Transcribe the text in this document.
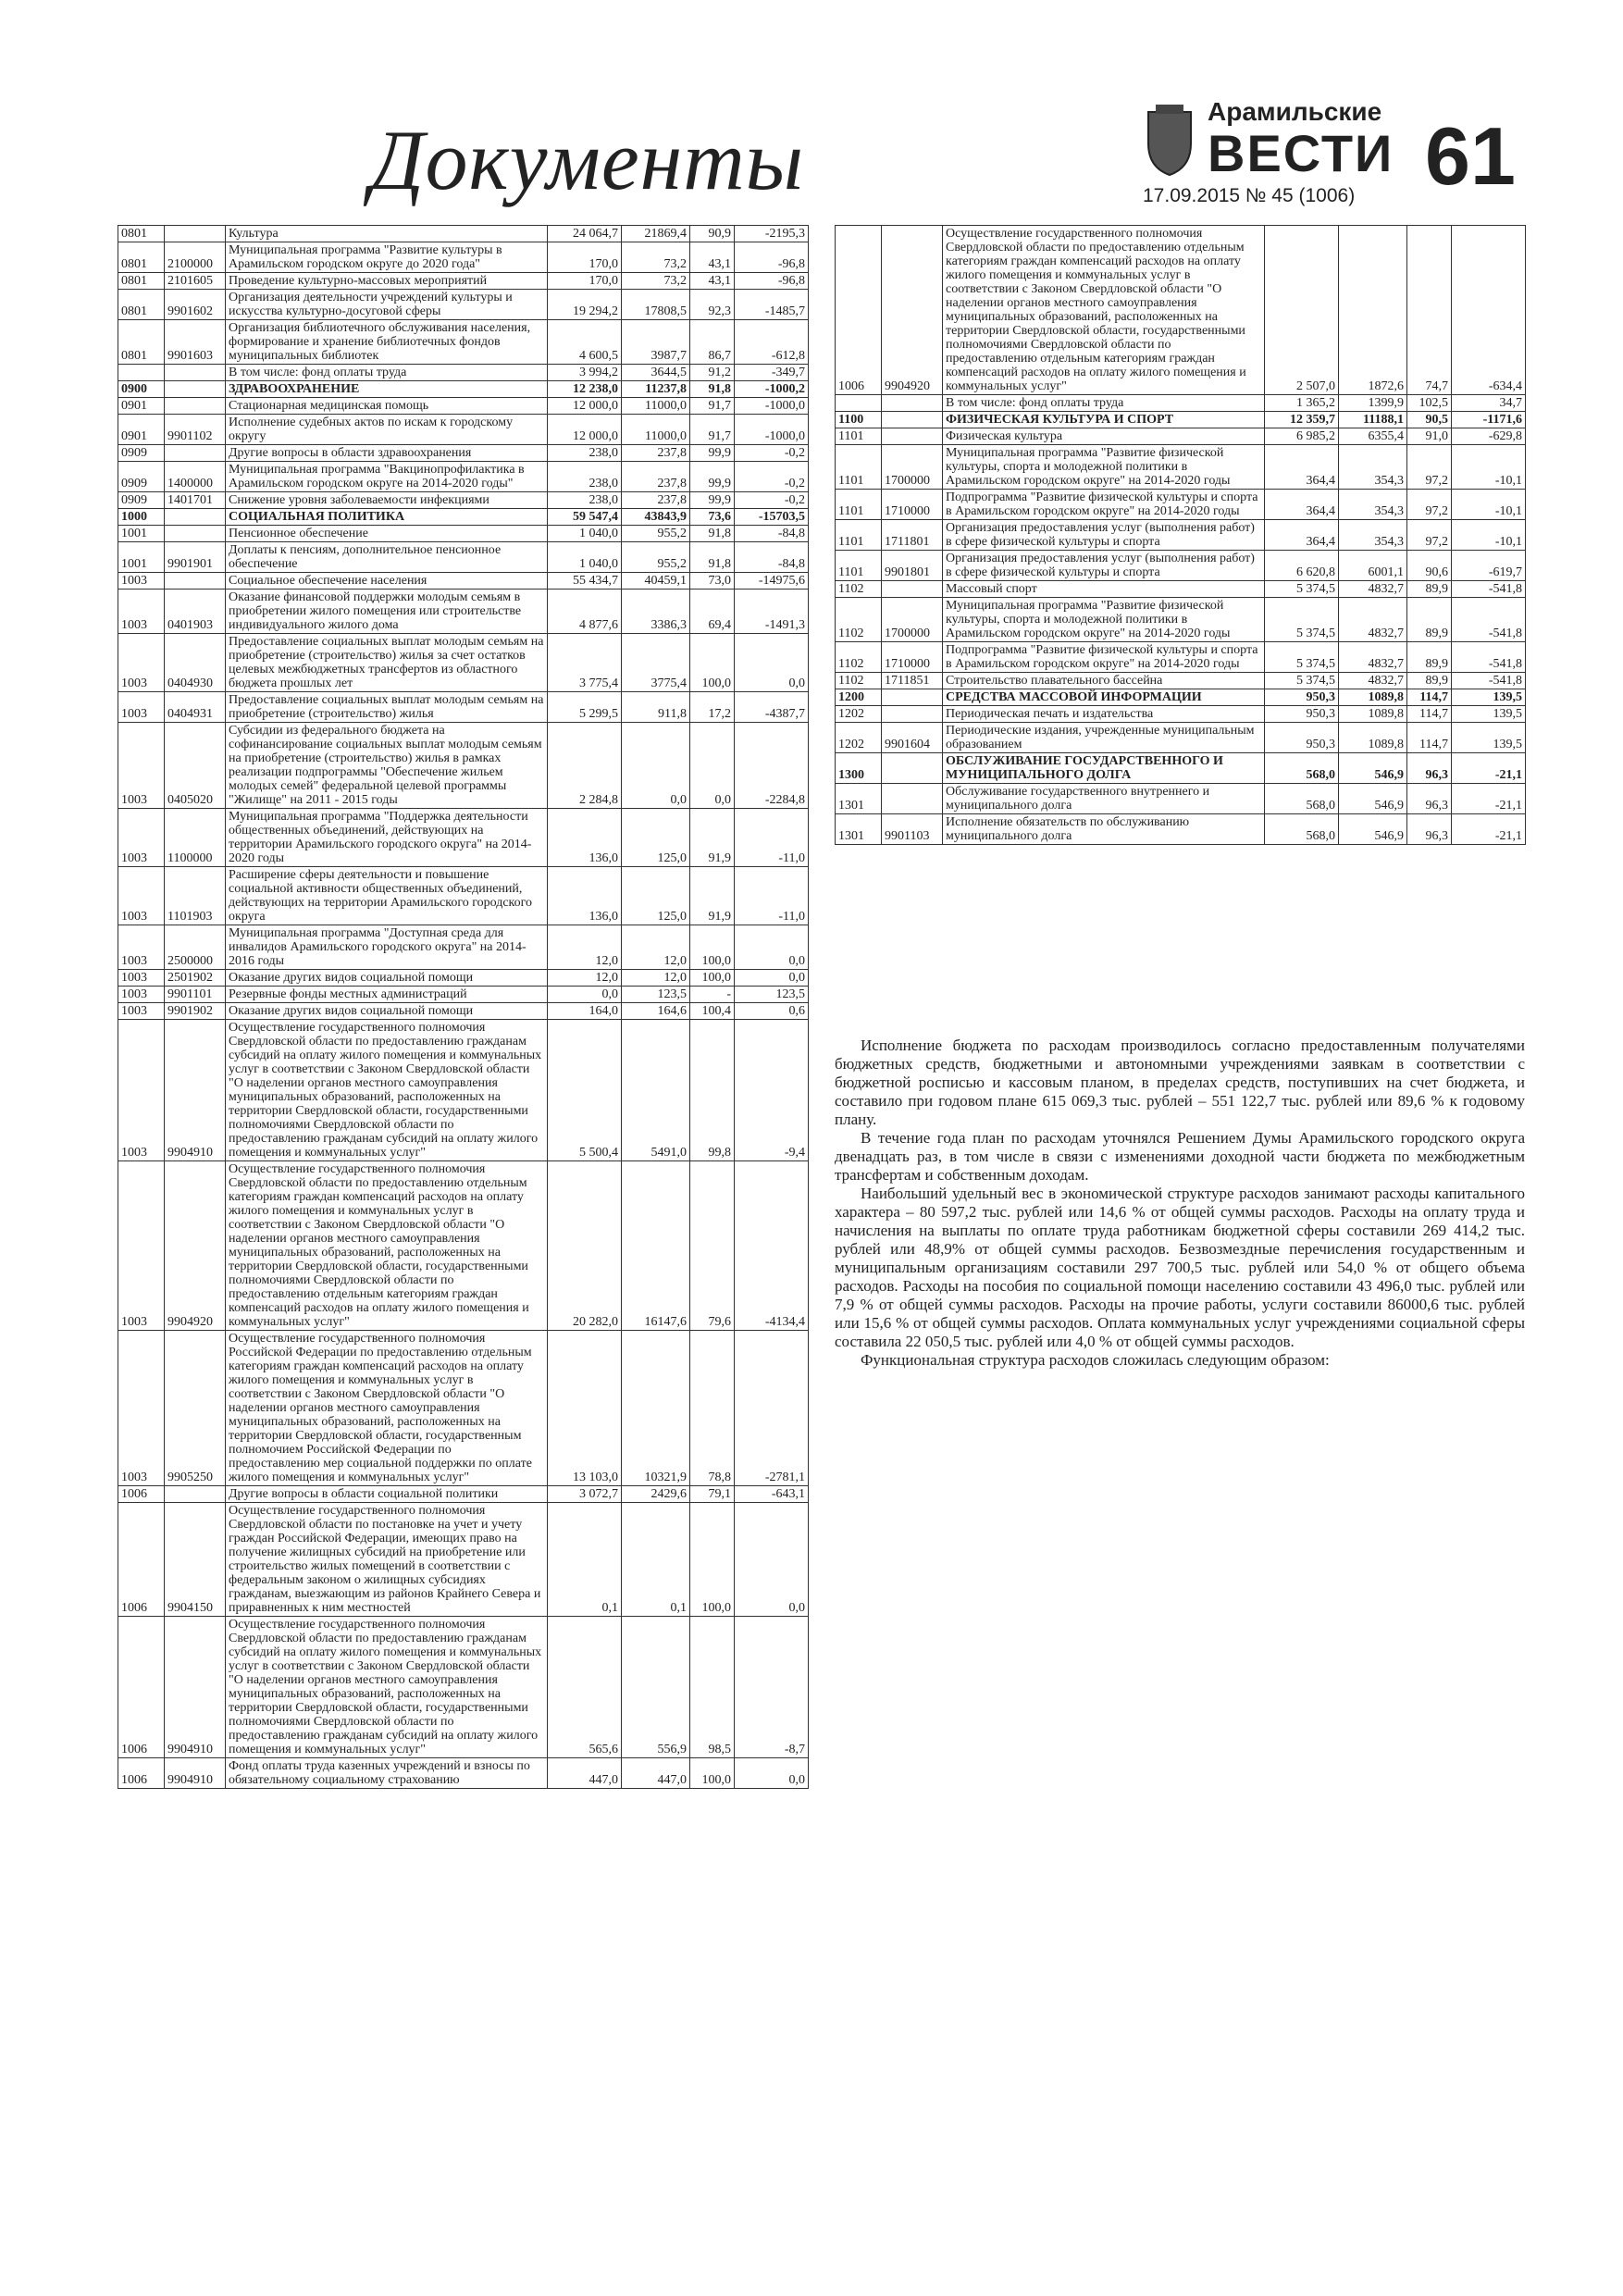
Документы
Арамильские
ВЕСТИ
17.09.2015 № 45 (1006) 61
0801		Культура	24 064,7	21869,4	90,9	-2195,3
0801	2100000	Муниципальная программа "Развитие культуры в Арамильском городском округе до 2020 года"	170,0	73,2	43,1	-96,8
0801	2101605	Проведение культурно-массовых мероприятий	170,0	73,2	43,1	-96,8
0801	9901602	Организация деятельности учреждений культуры и искусства культурно-досуговой сферы	19 294,2	17808,5	92,3	-1485,7
0801	9901603	Организация библиотечного обслуживания населения, формирование и хранение библиотечных фондов муниципальных библиотек	4 600,5	3987,7	86,7	-612,8
		В том числе: фонд оплаты труда	3 994,2	3644,5	91,2	-349,7
0900		ЗДРАВООХРАНЕНИЕ	12 238,0	11237,8	91,8	-1000,2
0901		Стационарная медицинская помощь	12 000,0	11000,0	91,7	-1000,0
0901	9901102	Исполнение судебных актов по искам к городскому округу	12 000,0	11000,0	91,7	-1000,0
0909		Другие вопросы в области здравоохранения	238,0	237,8	99,9	-0,2
0909	1400000	Муниципальная программа "Вакцинопрофилактика в Арамильском городском округе на 2014-2020 годы"	238,0	237,8	99,9	-0,2
0909	1401701	Снижение уровня заболеваемости инфекциями	238,0	237,8	99,9	-0,2
1000		СОЦИАЛЬНАЯ ПОЛИТИКА	59 547,4	43843,9	73,6	-15703,5
1001		Пенсионное обеспечение	1 040,0	955,2	91,8	-84,8
1001	9901901	Доплаты к пенсиям, дополнительное пенсионное обеспечение	1 040,0	955,2	91,8	-84,8
1003		Социальное обеспечение населения	55 434,7	40459,1	73,0	-14975,6
1003	0401903	Оказание финансовой поддержки молодым семьям в приобретении жилого помещения или строительстве индивидуального жилого дома	4 877,6	3386,3	69,4	-1491,3
1003	0404930	Предоставление социальных выплат молодым семьям на приобретение (строительство) жилья за счет остатков целевых межбюджетных трансфертов из областного бюджета прошлых лет	3 775,4	3775,4	100,0	0,0
1003	0404931	Предоставление социальных выплат молодым семьям на приобретение (строительство) жилья	5 299,5	911,8	17,2	-4387,7
1003	0405020	Субсидии из федерального бюджета на софинансирование социальных выплат молодым семьям на приобретение (строительство) жилья в рамках реализации подпрограммы "Обеспечение жильем молодых семей" федеральной целевой программы "Жилище" на 2011 - 2015 годы	2 284,8	0,0	0,0	-2284,8
1003	1100000	Муниципальная программа "Поддержка деятельности общественных объединений, действующих на территории Арамильского городского округа" на 2014-2020 годы	136,0	125,0	91,9	-11,0
1003	1101903	Расширение сферы деятельности и повышение социальной активности общественных объединений, действующих на территории Арамильского городского округа	136,0	125,0	91,9	-11,0
1003	2500000	Муниципальная программа "Доступная среда для инвалидов Арамильского городского округа" на 2014-2016 годы	12,0	12,0	100,0	0,0
1003	2501902	Оказание других видов социальной помощи	12,0	12,0	100,0	0,0
1003	9901101	Резервные фонды местных администраций	0,0	123,5	-	123,5
1003	9901902	Оказание других видов социальной помощи	164,0	164,6	100,4	0,6
1003	9904910	Осуществление государственного полномочия Свердловской области по предоставлению гражданам субсидий на оплату жилого помещения и коммунальных услуг в соответствии с Законом Свердловской области "О наделении органов местного самоуправления муниципальных образований, расположенных на территории Свердловской области, государственными полномочиями Свердловской области по предоставлению гражданам субсидий на оплату жилого помещения и коммунальных услуг"	5 500,4	5491,0	99,8	-9,4
1003	9904920	Осуществление государственного полномочия Свердловской области по предоставлению отдельным категориям граждан компенсаций расходов на оплату жилого помещения и коммунальных услуг в соответствии с Законом Свердловской области "О наделении органов местного самоуправления муниципальных образований, расположенных на территории Свердловской области, государственными полномочиями Свердловской области по предоставлению отдельным категориям граждан компенсаций расходов на оплату жилого помещения и коммунальных услуг"	20 282,0	16147,6	79,6	-4134,4
1003	9905250	Осуществление государственного полномочия Российской Федерации по предоставлению отдельным категориям граждан компенсаций расходов на оплату жилого помещения и коммунальных услуг в соответствии с Законом Свердловской области "О наделении органов местного самоуправления муниципальных образований, расположенных на территории Свердловской области, государственным полномочием Российской Федерации по предоставлению мер социальной поддержки по оплате жилого помещения и коммунальных услуг"	13 103,0	10321,9	78,8	-2781,1
1006		Другие вопросы в области социальной политики	3 072,7	2429,6	79,1	-643,1
1006	9904150	Осуществление государственного полномочия Свердловской области по постановке на учет и учету граждан Российской Федерации, имеющих право на получение жилищных субсидий на приобретение или строительство жилых помещений в соответствии с федеральным законом о жилищных субсидиях гражданам, выезжающим из районов Крайнего Севера и приравненных к ним местностей	0,1	0,1	100,0	0,0
1006	9904910	Осуществление государственного полномочия Свердловской области по предоставлению гражданам субсидий на оплату жилого помещения и коммунальных услуг в соответствии с Законом Свердловской области "О наделении органов местного самоуправления муниципальных образований, расположенных на территории Свердловской области, государственными полномочиями Свердловской области по предоставлению гражданам субсидий на оплату жилого помещения и коммунальных услуг"	565,6	556,9	98,5	-8,7
1006	9904910	Фонд оплаты труда казенных учреждений и взносы по обязательному социальному страхованию	447,0	447,0	100,0	0,0
1006	9904920	Осуществление государственного полномочия Свердловской области по предоставлению отдельным категориям граждан компенсаций расходов на оплату жилого помещения и коммунальных услуг в соответствии с Законом Свердловской области "О наделении органов местного самоуправления муниципальных образований, расположенных на территории Свердловской области, государственными полномочиями Свердловской области по предоставлению отдельным категориям граждан компенсаций расходов на оплату жилого помещения и коммунальных услуг"	2 507,0	1872,6	74,7	-634,4
		В том числе: фонд оплаты труда	1 365,2	1399,9	102,5	34,7
1100		ФИЗИЧЕСКАЯ КУЛЬТУРА И СПОРТ	12 359,7	11188,1	90,5	-1171,6
1101		Физическая культура	6 985,2	6355,4	91,0	-629,8
1101	1700000	Муниципальная программа "Развитие физической культуры, спорта и молодежной политики в Арамильском городском округе" на 2014-2020 годы	364,4	354,3	97,2	-10,1
1101	1710000	Подпрограмма "Развитие физической культуры и спорта в Арамильском городском округе" на 2014-2020 годы	364,4	354,3	97,2	-10,1
1101	1711801	Организация предоставления услуг (выполнения работ) в сфере физической культуры и спорта	364,4	354,3	97,2	-10,1
1101	9901801	Организация предоставления услуг (выполнения работ) в сфере физической культуры и спорта	6 620,8	6001,1	90,6	-619,7
1102		Массовый спорт	5 374,5	4832,7	89,9	-541,8
1102	1700000	Муниципальная программа "Развитие физической культуры, спорта и молодежной политики в Арамильском городском округе" на 2014-2020 годы	5 374,5	4832,7	89,9	-541,8
1102	1710000	Подпрограмма "Развитие физической культуры и спорта в Арамильском городском округе" на 2014-2020 годы	5 374,5	4832,7	89,9	-541,8
1102	1711851	Строительство плавательного бассейна	5 374,5	4832,7	89,9	-541,8
1200		СРЕДСТВА МАССОВОЙ ИНФОРМАЦИИ	950,3	1089,8	114,7	139,5
1202		Периодическая печать и издательства	950,3	1089,8	114,7	139,5
1202	9901604	Периодические издания, учрежденные муниципальным образованием	950,3	1089,8	114,7	139,5
1300		ОБСЛУЖИВАНИЕ ГОСУДАРСТВЕННОГО И МУНИЦИПАЛЬНОГО ДОЛГА	568,0	546,9	96,3	-21,1
1301		Обслуживание государственного внутреннего и муниципального долга	568,0	546,9	96,3	-21,1
1301	9901103	Исполнение обязательств по обслуживанию муниципального долга	568,0	546,9	96,3	-21,1

Исполнение бюджета по расходам производилось согласно предоставленным получателями бюджетных средств, бюджетными и автономными учреждениями заявкам в соответствии с бюджетной росписью и кассовым планом, в пределах средств, поступивших на счет бюджета, и составило при годовом плане 615 069,3 тыс. рублей – 551 122,7 тыс. рублей или 89,6 % к годовому плану.

В течение года план по расходам уточнялся Решением Думы Арамильского городского округа двенадцать раз, в том числе в связи с изменениями доходной части бюджета по межбюджетным трансфертам и собственным доходам.

Наибольший удельный вес в экономической структуре расходов занимают расходы капитального характера – 80 597,2 тыс. рублей или 14,6 % от общей суммы расходов. Расходы на оплату труда и начисления на выплаты по оплате труда работникам бюджетной сферы составили 269 414,2 тыс. рублей или 48,9% от общей суммы расходов. Безвозмездные перечисления государственным и муниципальным организациям составили 297 700,5 тыс. рублей или 54,0 % от общего объема расходов. Расходы на пособия по социальной помощи населению составили 43 496,0 тыс. рублей или 7,9 % от общей суммы расходов. Расходы на прочие работы, услуги составили 86000,6 тыс. рублей или 15,6 % от общей суммы расходов. Оплата коммунальных услуг учреждениями социальной сферы составила 22 050,5 тыс. рублей или 4,0 % от общей суммы расходов.

Функциональная структура расходов сложилась следующим образом:
